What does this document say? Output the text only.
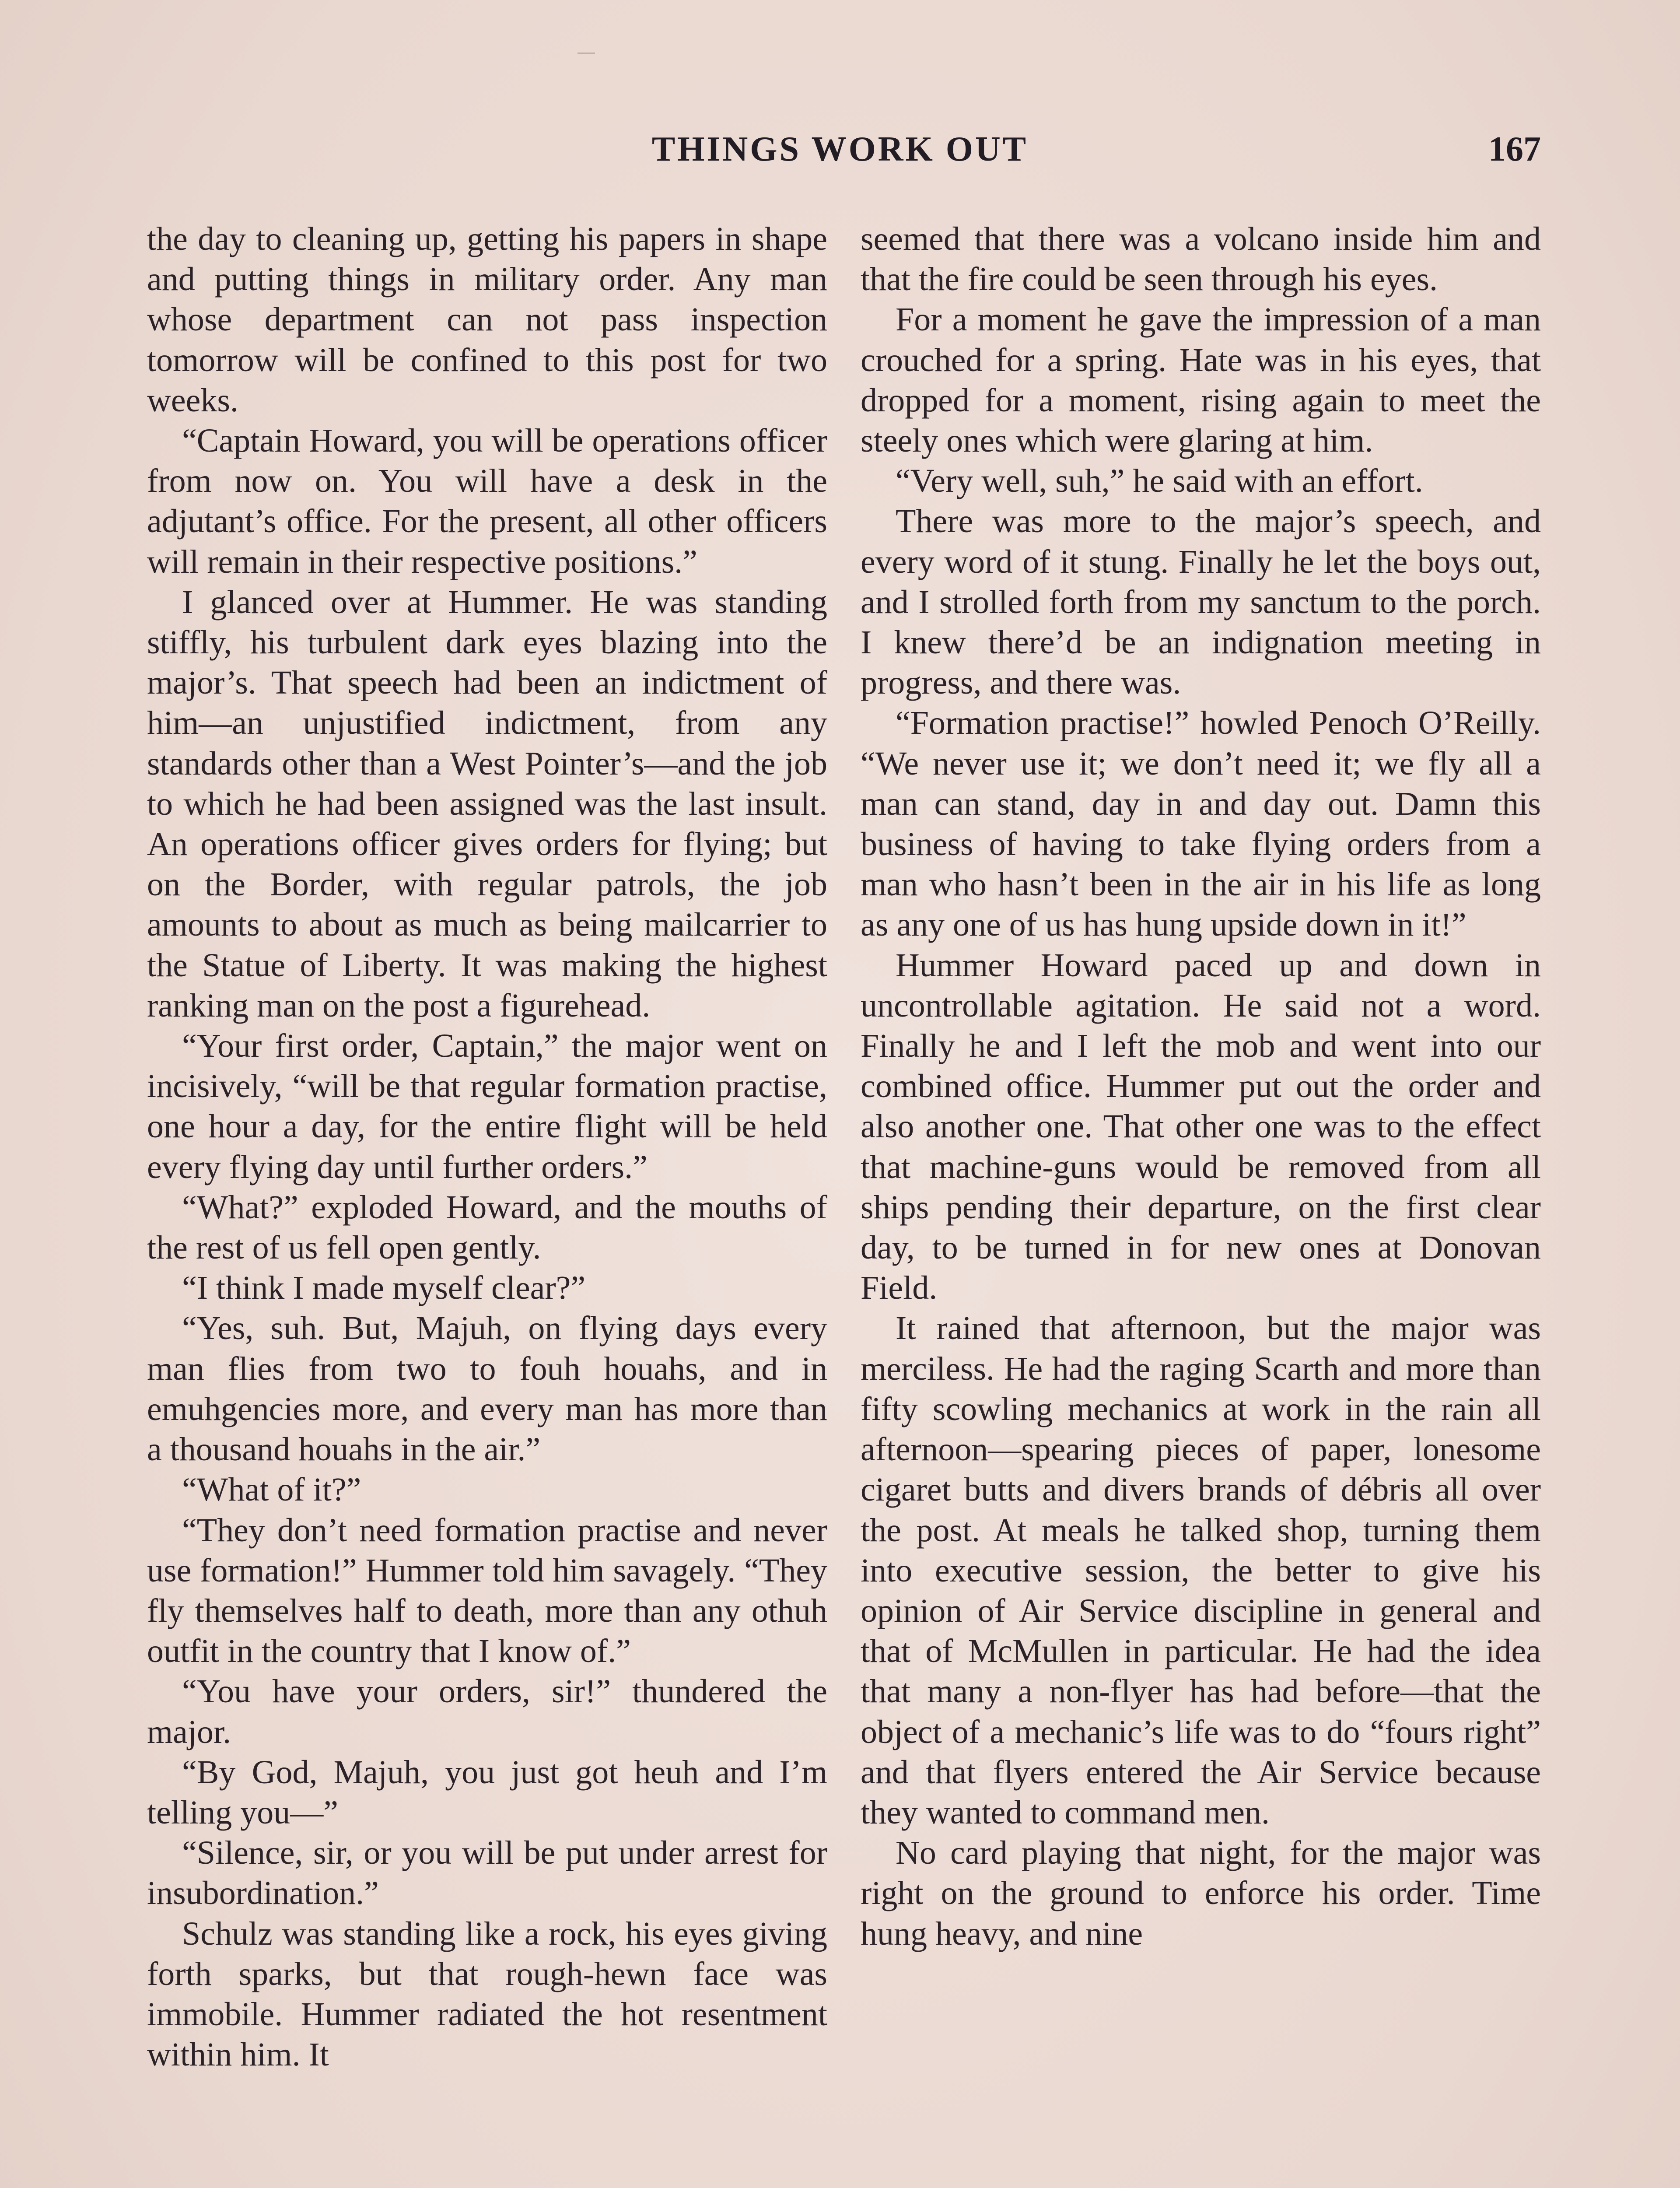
THINGS WORK OUT	167

the day to cleaning up, getting his papers in shape and putting things in military order. Any man whose department can not pass inspection tomorrow will be confined to this post for two weeks.

“Captain Howard, you will be operations officer from now on. You will have a desk in the adjutant’s office. For the present, all other officers will remain in their respective positions.”

I glanced over at Hummer. He was standing stiffly, his turbulent dark eyes blazing into the major’s. That speech had been an indictment of him—an unjustified indictment, from any standards other than a West Pointer’s—and the job to which he had been assigned was the last insult. An operations officer gives orders for flying; but on the Border, with regular patrols, the job amounts to about as much as being mailcarrier to the Statue of Liberty. It was making the highest ranking man on the post a figurehead.

“Your first order, Captain,” the major went on incisively, “will be that regular formation practise, one hour a day, for the entire flight will be held every flying day until further orders.”

“What?” exploded Howard, and the mouths of the rest of us fell open gently.

“I think I made myself clear?”

“Yes, suh. But, Majuh, on flying days every man flies from two to fouh houahs, and in emuhgencies more, and every man has more than a thousand houahs in the air.”

“What of it?”

“They don’t need formation practise and never use formation!” Hummer told him savagely. “They fly themselves half to death, more than any othuh outfit in the country that I know of.”

“You have your orders, sir!” thundered the major.

“By God, Majuh, you just got heuh and I’m telling you—”

“Silence, sir, or you will be put under arrest for insubordination.”

Schulz was standing like a rock, his eyes giving forth sparks, but that rough-hewn face was immobile. Hummer radiated the hot resentment within him. It

seemed that there was a volcano inside him and that the fire could be seen through his eyes.

For a moment he gave the impression of a man crouched for a spring. Hate was in his eyes, that dropped for a moment, rising again to meet the steely ones which were glaring at him.

“Very well, suh,” he said with an effort.

There was more to the major’s speech, and every word of it stung. Finally he let the boys out, and I strolled forth from my sanctum to the porch. I knew there’d be an indignation meeting in progress, and there was.

“Formation practise!” howled Penoch O’Reilly. “We never use it; we don’t need it; we fly all a man can stand, day in and day out. Damn this business of having to take flying orders from a man who hasn’t been in the air in his life as long as any one of us has hung upside down in it!”

Hummer Howard paced up and down in uncontrollable agitation. He said not a word. Finally he and I left the mob and went into our combined office. Hummer put out the order and also another one. That other one was to the effect that machine-guns would be removed from all ships pending their departure, on the first clear day, to be turned in for new ones at Donovan Field.

It rained that afternoon, but the major was merciless. He had the raging Scarth and more than fifty scowling mechanics at work in the rain all afternoon—spearing pieces of paper, lonesome cigaret butts and divers brands of débris all over the post. At meals he talked shop, turning them into executive session, the better to give his opinion of Air Service discipline in general and that of McMullen in particular. He had the idea that many a non-flyer has had before—that the object of a mechanic’s life was to do “fours right” and that flyers entered the Air Service because they wanted to command men.

No card playing that night, for the major was right on the ground to enforce his order. Time hung heavy, and nine
